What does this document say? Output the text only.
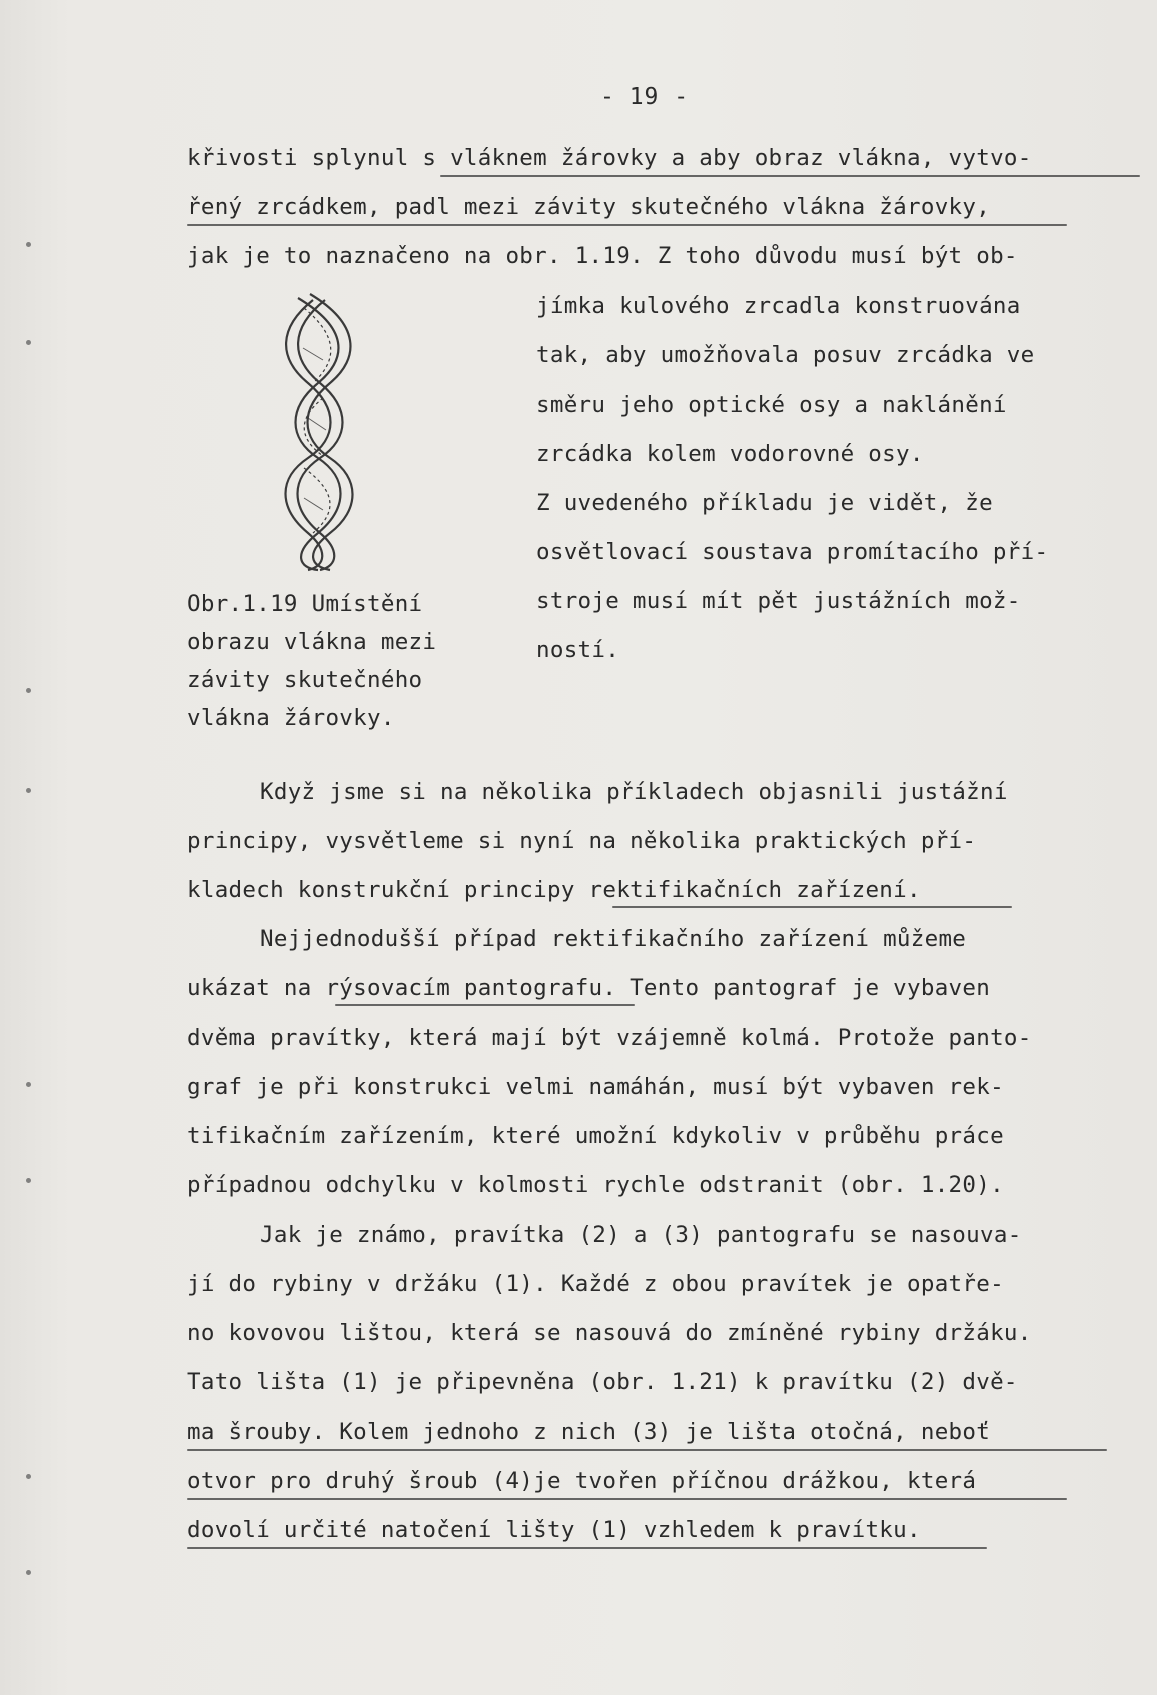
- 19 -
křivosti splynul s vláknem žárovky a aby obraz vlákna, vytvo-
řený zrcádkem, padl mezi závity skutečného vlákna žárovky,
jak je to naznačeno na obr. 1.19. Z toho důvodu musí být ob-
jímka kulového zrcadla konstruována
tak, aby umožňovala posuv zrcádka ve
směru jeho optické osy a naklánění
zrcádka kolem vodorovné osy.
Z uvedeného příkladu je vidět, že
osvětlovací soustava promítacího pří-
stroje musí mít pět justážních mož-
ností.
Obr.1.19 Umístění
obrazu vlákna mezi
závity skutečného
vlákna žárovky.
Když jsme si na několika příkladech objasnili justážní
principy, vysvětleme si nyní na několika praktických pří-
kladech konstrukční principy rektifikačních zařízení.
Nejjednodušší případ rektifikačního zařízení můžeme
ukázat na rýsovacím pantografu. Tento pantograf je vybaven
dvěma pravítky, která mají být vzájemně kolmá. Protože panto-
graf je při konstrukci velmi namáhán, musí být vybaven rek-
tifikačním zařízením, které umožní kdykoliv v průběhu práce
případnou odchylku v kolmosti rychle odstranit (obr. 1.20).
Jak je známo, pravítka (2) a (3) pantografu se nasouva-
jí do rybiny v držáku (1). Každé z obou pravítek je opatře-
no kovovou lištou, která se nasouvá do zmíněné rybiny držáku.
Tato lišta (1) je připevněna (obr. 1.21) k pravítku (2) dvě-
ma šrouby. Kolem jednoho z nich (3) je lišta otočná, neboť
otvor pro druhý šroub (4)je tvořen příčnou drážkou, která
dovolí určité natočení lišty (1) vzhledem k pravítku.
